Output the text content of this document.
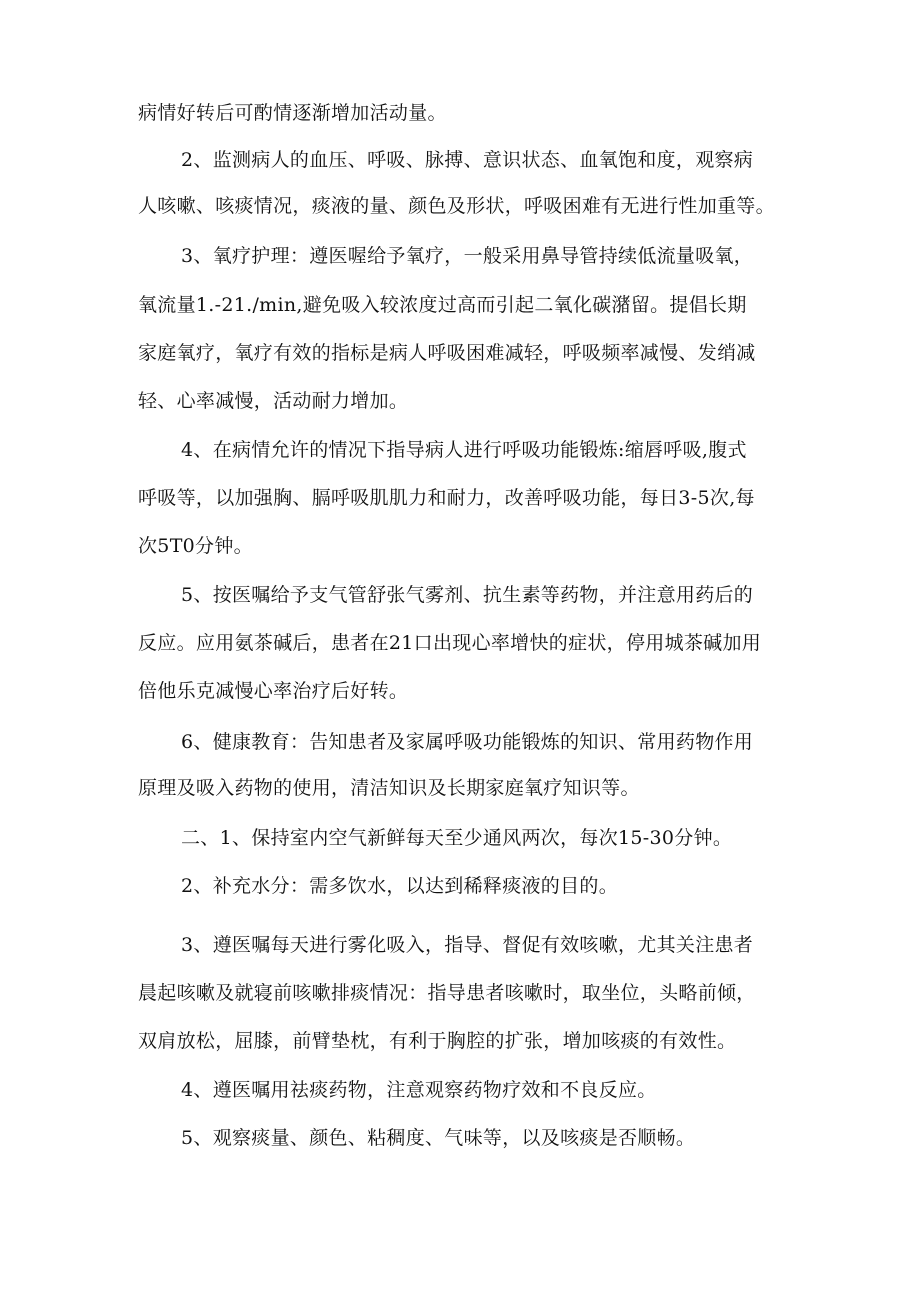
病情好转后可酌情逐渐增加活动量。
2、监测病人的血压、呼吸、脉搏、意识状态、血氧饱和度，观察病
人咳嗽、咳痰情况，痰液的量、颜色及形状，呼吸困难有无进行性加重等。
3、氧疗护理：遵医喔给予氧疗，一般采用鼻导管持续低流量吸氧，
氧流量1.-21./min,避免吸入较浓度过高而引起二氧化碳潴留。提倡长期
家庭氧疗，氧疗有效的指标是病人呼吸困难减轻，呼吸频率减慢、发绡减
轻、心率减慢，活动耐力增加。
4、在病情允许的情况下指导病人进行呼吸功能锻炼:缩唇呼吸,腹式
呼吸等，以加强胸、膈呼吸肌肌力和耐力，改善呼吸功能，每日3-5次,每
次5T0分钟。
5、按医嘱给予支气管舒张气雾剂、抗生素等药物，并注意用药后的
反应。应用氨茶碱后，患者在21口出现心率增快的症状，停用城茶碱加用
倍他乐克减慢心率治疗后好转。
6、健康教育：告知患者及家属呼吸功能锻炼的知识、常用药物作用
原理及吸入药物的使用，清洁知识及长期家庭氧疗知识等。
二、1、保持室内空气新鲜每天至少通风两次，每次15-30分钟。
2、补充水分：需多饮水，以达到稀释痰液的目的。
3、遵医嘱每天进行雾化吸入，指导、督促有效咳嗽，尤其关注患者
晨起咳嗽及就寝前咳嗽排痰情况：指导患者咳嗽时，取坐位，头略前倾，
双肩放松，屈膝，前臂垫枕，有利于胸腔的扩张，增加咳痰的有效性。
4、遵医嘱用祛痰药物，注意观察药物疗效和不良反应。
5、观察痰量、颜色、粘稠度、气味等，以及咳痰是否顺畅。
